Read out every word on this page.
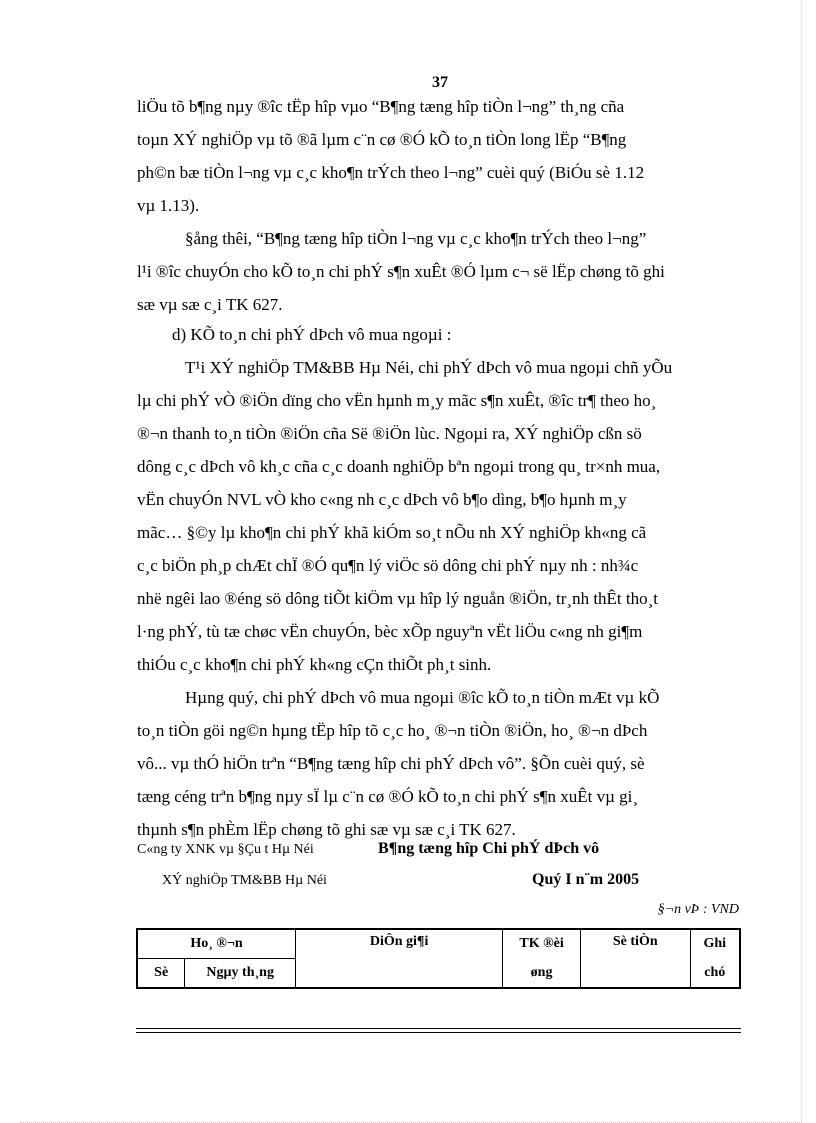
37
liÖu tõ b¶ng nµy ®îc tËp hîp vµo “B¶ng tæng hîp tiÒn l¬ng” th¸ng cña
toµn XÝ nghiÖp vµ tõ ®ã lµm c¨n cø ®Ó kÕ to¸n tiÒn long lËp “B¶ng
ph©n bæ tiÒn l¬ng vµ c¸c kho¶n trÝch theo l¬ng” cuèi quý (BiÓu sè 1.12
vµ 1.13).
§ång thêi, “B¶ng tæng hîp tiÒn l¬ng vµ c¸c kho¶n trÝch theo l¬ng”
l¹i ®îc chuyÓn cho kÕ to¸n chi phÝ s¶n xuÊt ®Ó lµm c¬ së lËp chøng tõ ghi
sæ vµ sæ c¸i TK 627.
d) KÕ to¸n chi phÝ dÞch vô mua ngoµi :
T¹i XÝ nghiÖp TM&BB Hµ Néi, chi phÝ dÞch vô mua ngoµi chñ yÕu
lµ chi phÝ vÒ ®iÖn dïng cho vËn hµnh m¸y mãc s¶n xuÊt, ®îc tr¶ theo ho¸
®¬n thanh to¸n tiÒn ®iÖn cña Së ®iÖn lùc. Ngoµi ra, XÝ nghiÖp cßn sö
dông c¸c dÞch vô kh¸c cña c¸c doanh nghiÖp bªn ngoµi trong qu¸ tr×nh mua,
vËn chuyÓn NVL vÒ kho c«ng nh c¸c dÞch vô b¶o dìng, b¶o hµnh m¸y
mãc… §©y lµ kho¶n chi phÝ khã kiÓm so¸t nÕu nh XÝ nghiÖp kh«ng cã
c¸c biÖn ph¸p chÆt chÏ ®Ó qu¶n lý viÖc sö dông chi phÝ nµy nh : nh¾c
nhë ngêi lao ®éng sö dông tiÕt kiÖm vµ hîp lý nguån ®iÖn, tr¸nh thÊt tho¸t
l·ng phÝ, tù tæ chøc vËn chuyÓn, bèc xÕp nguyªn vËt liÖu c«ng nh gi¶m
thiÓu c¸c kho¶n chi phÝ kh«ng cÇn thiÕt ph¸t sinh.
Hµng quý, chi phÝ dÞch vô mua ngoµi ®îc kÕ to¸n tiÒn mÆt vµ kÕ
to¸n tiÒn göi ng©n hµng tËp hîp tõ c¸c ho¸ ®¬n tiÒn ®iÖn, ho¸ ®¬n dÞch
vô... vµ thÓ hiÖn trªn “B¶ng tæng hîp chi phÝ dÞch vô”. §Õn cuèi quý, sè
tæng céng trªn b¶ng nµy sÏ lµ c¨n cø ®Ó kÕ to¸n chi phÝ s¶n xuÊt vµ gi¸
thµnh s¶n phÈm lËp chøng tõ ghi sæ vµ sæ c¸i TK 627.
C«ng ty XNK vµ §Çu t Hµ Néi	B¶ng tæng hîp Chi phÝ dÞch vô
XÝ nghiÖp TM&BB Hµ Néi	Quý I n¨m 2005
§¬n vÞ : VND
Ho¸ ®¬n		DiÔn gi¶i	TK ®èi	Sè tiÒn	Ghi
Sè	Ngµy th¸ng		øng		chó
